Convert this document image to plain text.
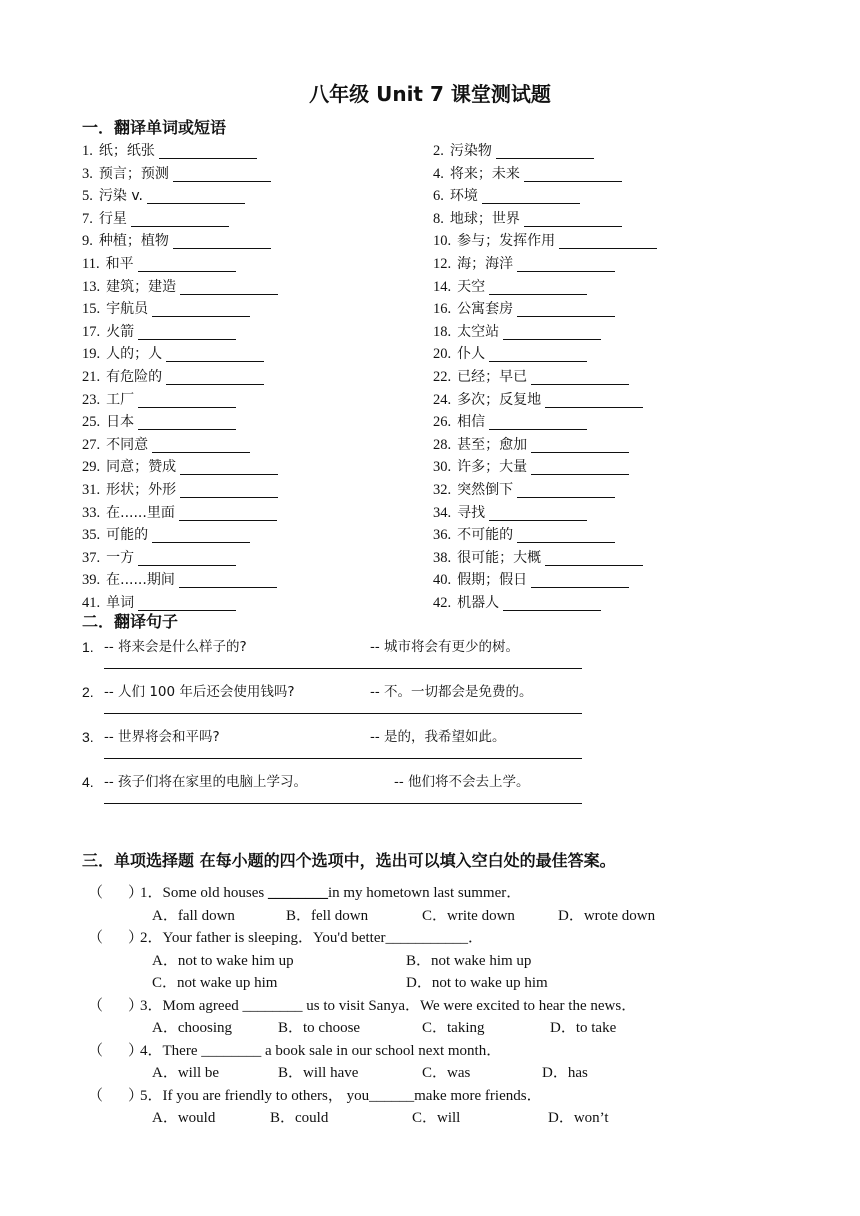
八年级 Unit 7 课堂测试题
一．翻译单词或短语
1. 纸；纸张	2. 污染物
3. 预言；预测	4. 将来；未来
5. 污染 v.	6. 环境
7. 行星	8. 地球；世界
9. 种植；植物	10. 参与；发挥作用
11. 和平	12. 海；海洋
13. 建筑；建造	14. 天空
15. 宇航员	16. 公寓套房
17. 火箭	18. 太空站
19. 人的；人	20. 仆人
21. 有危险的	22. 已经；早已
23. 工厂	24. 多次；反复地
25. 日本	26. 相信
27. 不同意	28. 甚至；愈加
29. 同意；赞成	30. 许多；大量
31. 形状；外形	32. 突然倒下
33. 在......里面	34. 寻找
35. 可能的	36. 不可能的
37. 一方	38. 很可能；大概
39. 在......期间	40. 假期；假日
41. 单词	42. 机器人
二．翻译句子
1. -- 将来会是什么样子的?	-- 城市将会有更少的树。
2. -- 人们 100 年后还会使用钱吗?	-- 不。一切都会是免费的。
3. -- 世界将会和平吗?	-- 是的，我希望如此。
4. -- 孩子们将在家里的电脑上学习。	-- 他们将不会去上学。
三．单项选择题 在每小题的四个选项中，选出可以填入空白处的最佳答案。
（ ）
1．Some old houses ________in my hometown last summer．
A．fall down	B．fell down	C．write down	D．wrote down
（ ）
2．Your father is sleeping．You'd better___________．
A．not to wake him up	B．not wake him up
C．not wake up him	D．not to wake up him
（ ）
3．Mom agreed ________ us to visit Sanya．We were excited to hear the news．
A．choosing	B．to choose	C．taking	D．to take
（ ）
4．There ________ a book sale in our school next month．
A．will be	B．will have	C．was	D．has
（ ）
5．If you are friendly to others， you______make more friends．
A．would	B．could	C．will	D．won’t
